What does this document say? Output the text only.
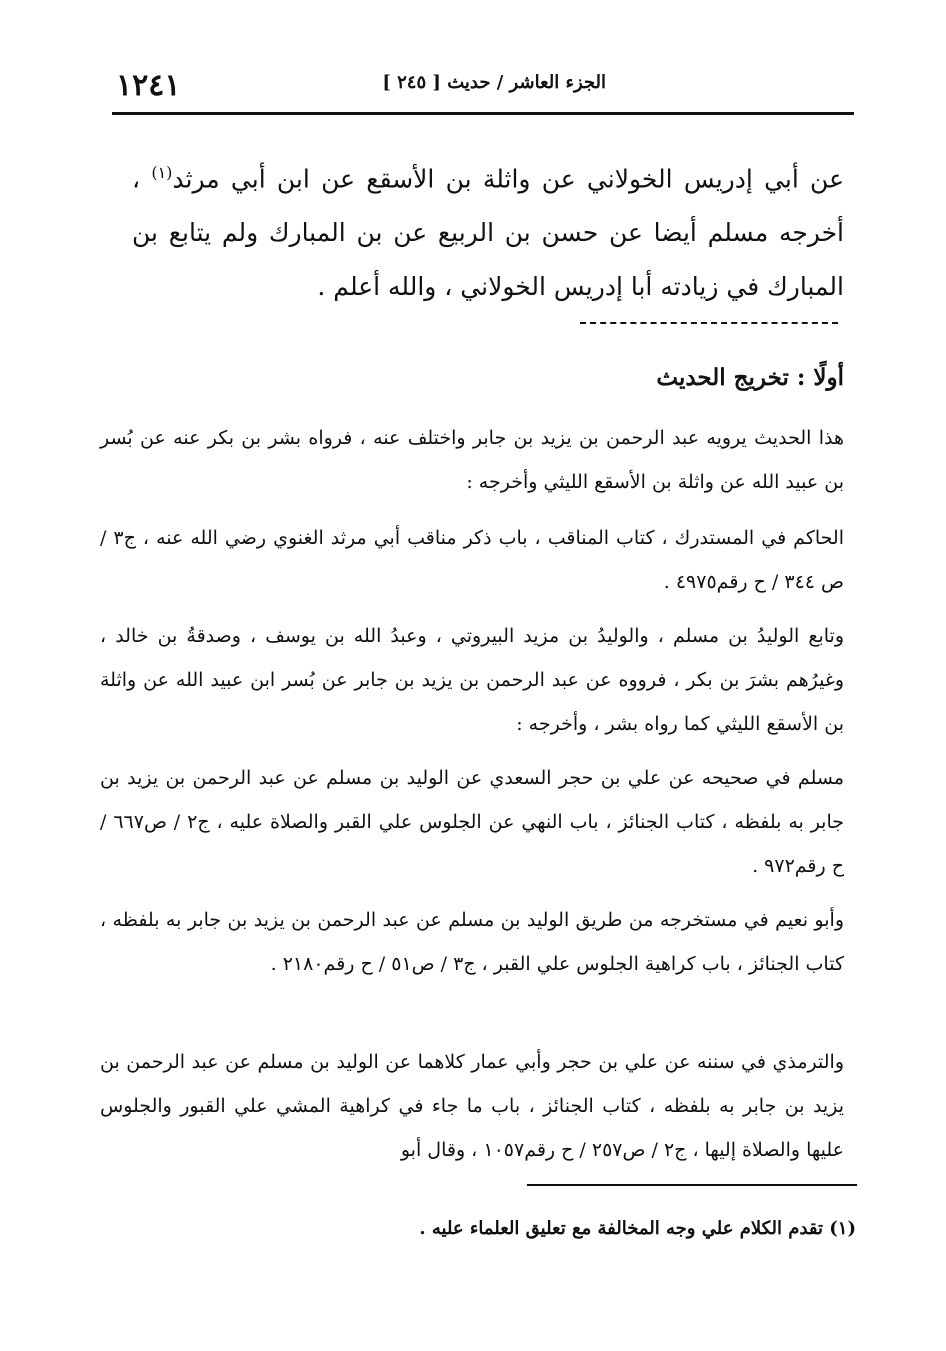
١٢٤١	الجزء العاشر / حديث [ ٢٤٥ ]

عن أبي إدريس الخولاني عن واثلة بن الأسقع عن ابن أبي مرثد$^{(١)}$ ، أخرجه مسلم أيضا عن حسن بن الربيع عن بن المبارك ولم يتابع بن المبارك في زيادته أبا إدريس الخولاني ، والله أعلم .

أولًا : تخريج الحديث

هذا الحديث يرويه عبد الرحمن بن يزيد بن جابر واختلف عنه ، فرواه بشر بن بكر عنه عن بُسر بن عبيد الله عن واثلة بن الأسقع الليثي وأخرجه :

الحاكم في المستدرك ، كتاب المناقب ، باب ذكر مناقب أبي مرثد الغنوي رضي الله عنه ، ج٣ / ص ٣٤٤ / ح رقم٤٩٧٥ .

وتابع الوليدُ بن مسلم ، والوليدُ بن مزيد البيروتي ، وعبدُ الله بن يوسف ، وصدقةُ بن خالد ، وغيرُهم بشرَ بن بكر ، فرووه عن عبد الرحمن بن يزيد بن جابر عن بُسر ابن عبيد الله عن واثلة بن الأسقع الليثي كما رواه بشر ، وأخرجه :

مسلم في صحيحه عن علي بن حجر السعدي عن الوليد بن مسلم عن عبد الرحمن بن يزيد بن جابر به بلفظه ، كتاب الجنائز ، باب النهي عن الجلوس علي القبر والصلاة عليه ، ج٢ / ص٦٦٧ / ح رقم٩٧٢ .

وأبو نعيم في مستخرجه من طريق الوليد بن مسلم عن عبد الرحمن بن يزيد بن جابر به بلفظه ، كتاب الجنائز ، باب كراهية الجلوس علي القبر ، ج٣ / ص٥١ / ح رقم٢١٨٠ .

والترمذي في سننه عن علي بن حجر وأبي عمار كلاهما عن الوليد بن مسلم عن عبد الرحمن بن يزيد بن جابر به بلفظه ، كتاب الجنائز ، باب ما جاء في كراهية المشي علي القبور والجلوس عليها والصلاة إليها ، ج٢ / ص٢٥٧ / ح رقم١٠٥٧ ، وقال أبو

(١) تقدم الكلام علي وجه المخالفة مع تعليق العلماء عليه .
